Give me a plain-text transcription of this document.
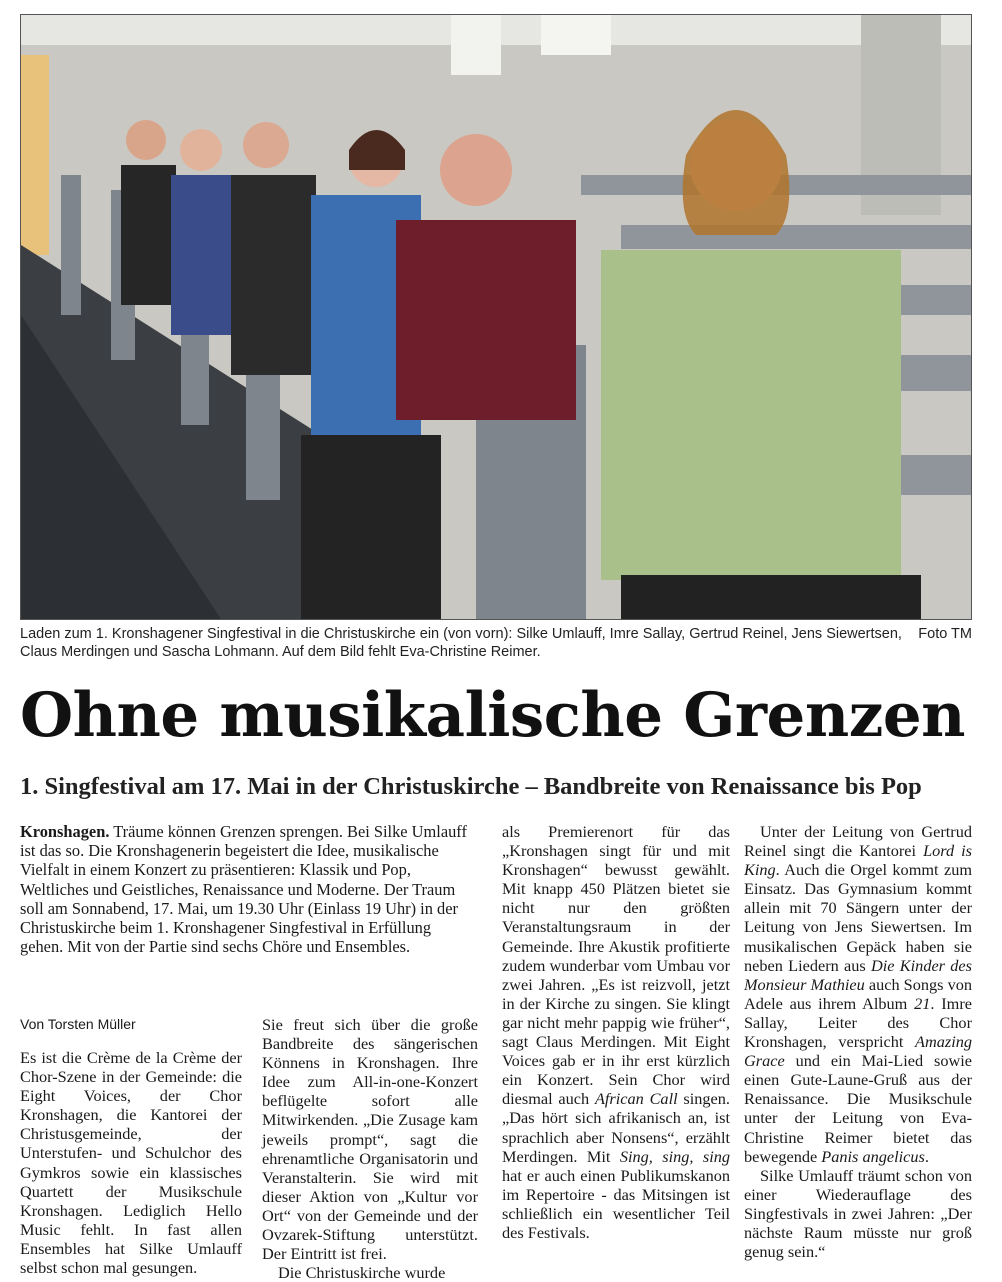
Foto TM
Laden zum 1. Kronshagener Singfestival in die Christuskirche ein (von vorn): Silke Umlauff, Imre Sallay, Gertrud Reinel, Jens Siewertsen, Claus Merdingen und Sascha Lohmann. Auf dem Bild fehlt Eva-Christine Reimer.
Ohne musikalische Grenzen
1. Singfestival am 17. Mai in der Christuskirche – Bandbreite von Renaissance bis Pop

Kronshagen. Träume können Grenzen sprengen. Bei Silke Umlauff ist das so. Die Kronshagenerin begeistert die Idee, musikalische Vielfalt in einem Konzert zu präsentieren: Klassik und Pop, Weltliches und Geistliches, Renaissance und Moderne. Der Traum soll am Sonnabend, 17. Mai, um 19.30 Uhr (Einlass 19 Uhr) in der Christuskirche beim 1. Kronshagener Singfestival in Erfüllung gehen. Mit von der Partie sind sechs Chöre und Ensembles.

Von Torsten Müller

Es ist die Crème de la Crème der Chor-Szene in der Gemeinde: die Eight Voices, der Chor Kronshagen, die Kantorei der Christusgemeinde, der Unterstufen- und Schulchor des Gymkros sowie ein klassisches Quartett der Musikschule Kronshagen. Lediglich Hello Music fehlt. In fast allen Ensembles hat Silke Umlauff selbst schon mal gesungen.

Sie freut sich über die große Bandbreite des sängerischen Könnens in Kronshagen. Ihre Idee zum All-in-one-Konzert beflügelte sofort alle Mitwirkenden. „Die Zusage kam jeweils prompt“, sagt die ehrenamtliche Organisatorin und Veranstalterin. Sie wird mit dieser Aktion von „Kultur vor Ort“ von der Gemeinde und der Ovzarek-Stiftung unterstützt. Der Eintritt ist frei.

Die Christuskirche wurde

als Premierenort für das „Kronshagen singt für und mit Kronshagen“ bewusst gewählt. Mit knapp 450 Plätzen bietet sie nicht nur den größten Veranstaltungsraum in der Gemeinde. Ihre Akustik profitierte zudem wunderbar vom Umbau vor zwei Jahren. „Es ist reizvoll, jetzt in der Kirche zu singen. Sie klingt gar nicht mehr pappig wie früher“, sagt Claus Merdingen. Mit Eight Voices gab er in ihr erst kürzlich ein Konzert. Sein Chor wird diesmal auch African Call singen. „Das hört sich afrikanisch an, ist sprachlich aber Nonsens“, erzählt Merdingen. Mit Sing, sing, sing hat er auch einen Publikumskanon im Repertoire - das Mitsingen ist schließlich ein wesentlicher Teil des Festivals.

Unter der Leitung von Gertrud Reinel singt die Kantorei Lord is King. Auch die Orgel kommt zum Einsatz. Das Gymnasium kommt allein mit 70 Sängern unter der Leitung von Jens Siewertsen. Im musikalischen Gepäck haben sie neben Liedern aus Die Kinder des Monsieur Mathieu auch Songs von Adele aus ihrem Album 21. Imre Sallay, Leiter des Chor Kronshagen, verspricht Amazing Grace und ein Mai-Lied sowie einen Gute-Laune-Gruß aus der Renaissance. Die Musikschule unter der Leitung von Eva-Christine Reimer bietet das bewegende Panis angelicus.

Silke Umlauff träumt schon von einer Wiederauflage des Singfestivals in zwei Jahren: „Der nächste Raum müsste nur groß genug sein.“
